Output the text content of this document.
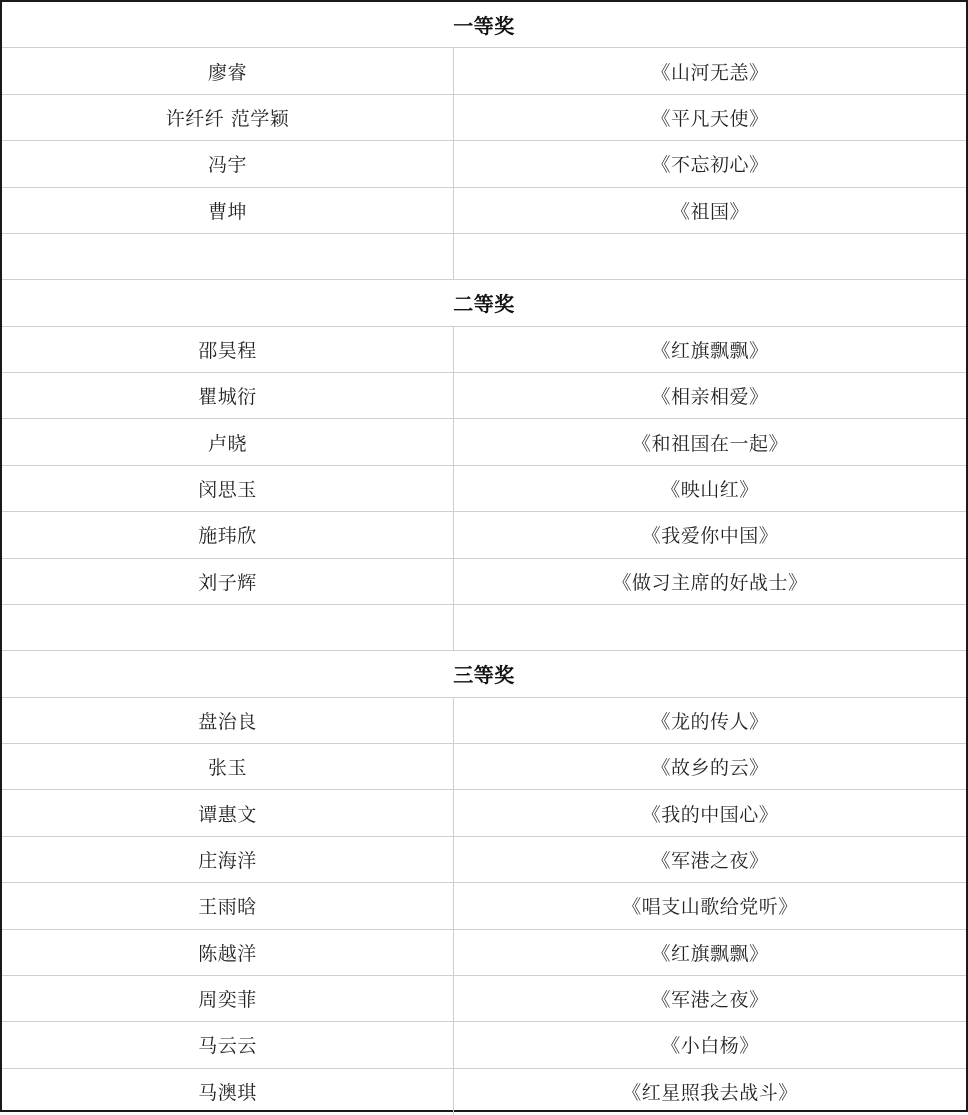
一等奖
廖睿	《山河无恙》
许纤纤 范学颖	《平凡天使》
冯宇	《不忘初心》
曹坤	《祖国》
二等奖
邵昊程	《红旗飘飘》
瞿城衍	《相亲相爱》
卢晓	《和祖国在一起》
闵思玉	《映山红》
施玮欣	《我爱你中国》
刘子辉	《做习主席的好战士》
三等奖
盘治良	《龙的传人》
张玉	《故乡的云》
谭惠文	《我的中国心》
庄海洋	《军港之夜》
王雨晗	《唱支山歌给党听》
陈越洋	《红旗飘飘》
周奕菲	《军港之夜》
马云云	《小白杨》
马澳琪	《红星照我去战斗》
